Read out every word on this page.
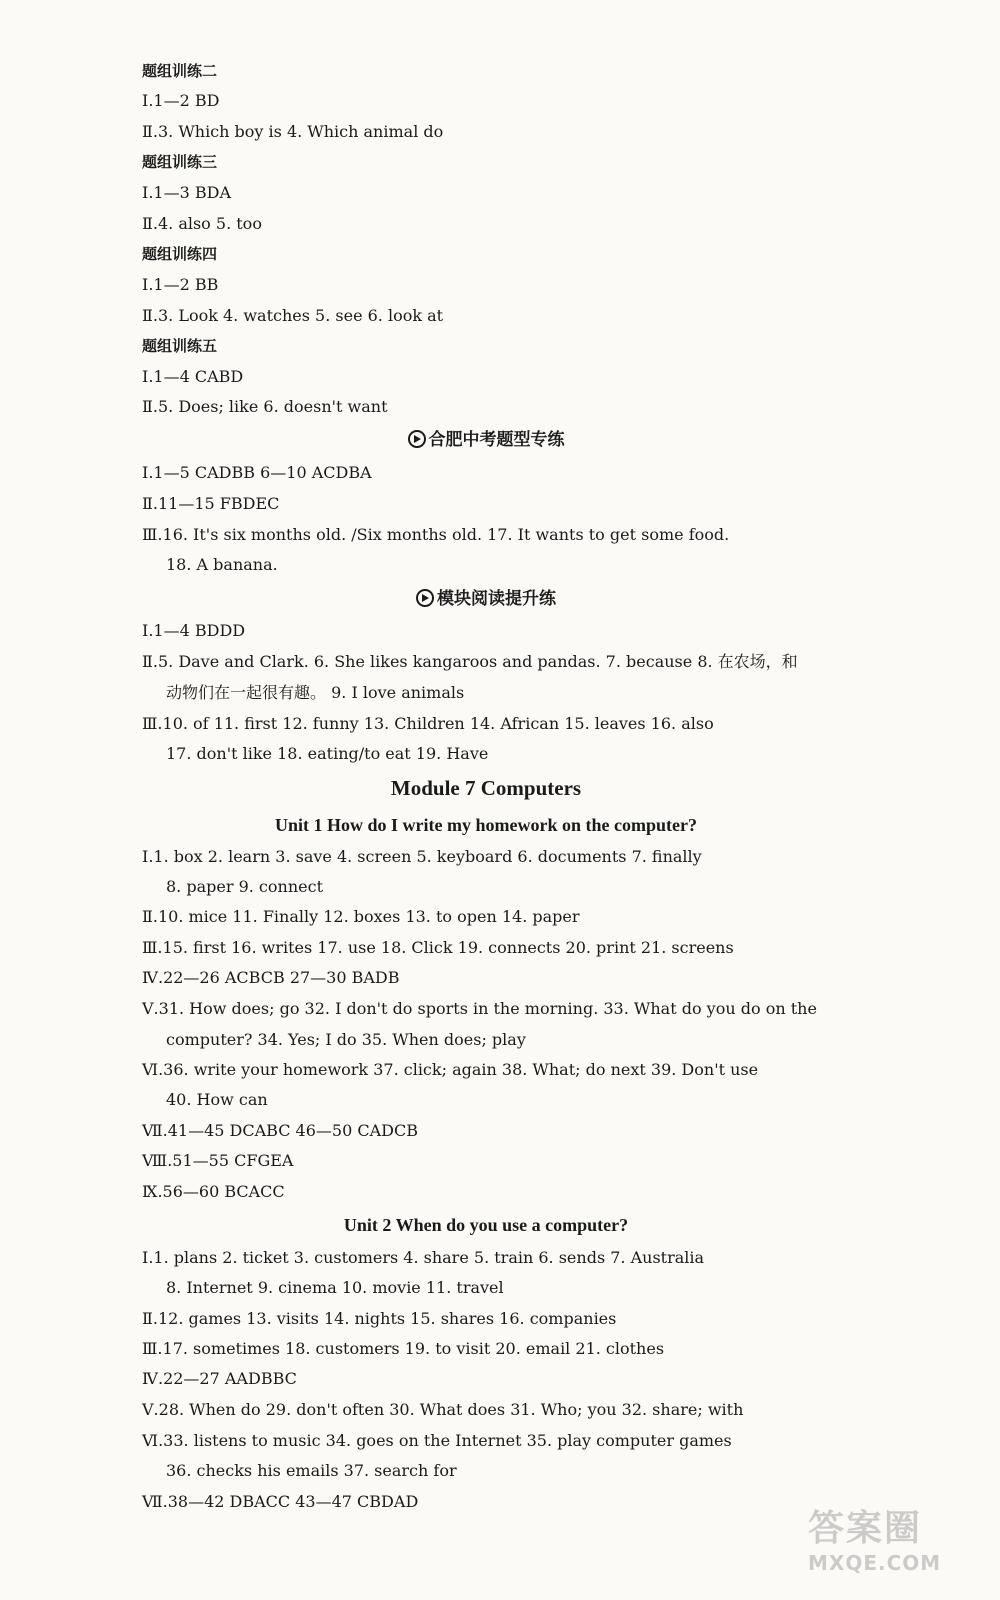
题组训练二
Ⅰ.1—2 BD
Ⅱ.3. Which boy is 4. Which animal do
题组训练三
Ⅰ.1—3 BDA
Ⅱ.4. also 5. too
题组训练四
Ⅰ.1—2 BB
Ⅱ.3. Look 4. watches 5. see 6. look at
题组训练五
Ⅰ.1—4 CABD
Ⅱ.5. Does; like 6. doesn't want
合肥中考题型专练
Ⅰ.1—5 CADBB 6—10 ACDBA
Ⅱ.11—15 FBDEC
Ⅲ.16. It's six months old. /Six months old. 17. It wants to get some food.
18. A banana.
模块阅读提升练
Ⅰ.1—4 BDDD
Ⅱ.5. Dave and Clark. 6. She likes kangaroos and pandas. 7. because 8. 在农场，和
动物们在一起很有趣。 9. I love animals
Ⅲ.10. of 11. first 12. funny 13. Children 14. African 15. leaves 16. also
17. don't like 18. eating/to eat 19. Have
Module 7 Computers
Unit 1 How do I write my homework on the computer?
Ⅰ.1. box 2. learn 3. save 4. screen 5. keyboard 6. documents 7. finally
8. paper 9. connect
Ⅱ.10. mice 11. Finally 12. boxes 13. to open 14. paper
Ⅲ.15. first 16. writes 17. use 18. Click 19. connects 20. print 21. screens
Ⅳ.22—26 ACBCB 27—30 BADB
Ⅴ.31. How does; go 32. I don't do sports in the morning. 33. What do you do on the
computer? 34. Yes; I do 35. When does; play
Ⅵ.36. write your homework 37. click; again 38. What; do next 39. Don't use
40. How can
Ⅶ.41—45 DCABC 46—50 CADCB
Ⅷ.51—55 CFGEA
Ⅸ.56—60 BCACC
Unit 2 When do you use a computer?
Ⅰ.1. plans 2. ticket 3. customers 4. share 5. train 6. sends 7. Australia
8. Internet 9. cinema 10. movie 11. travel
Ⅱ.12. games 13. visits 14. nights 15. shares 16. companies
Ⅲ.17. sometimes 18. customers 19. to visit 20. email 21. clothes
Ⅳ.22—27 AADBBC
Ⅴ.28. When do 29. don't often 30. What does 31. Who; you 32. share; with
Ⅵ.33. listens to music 34. goes on the Internet 35. play computer games
36. checks his emails 37. search for
Ⅶ.38—42 DBACC 43—47 CBDAD
答案圈
MXQE.COM
